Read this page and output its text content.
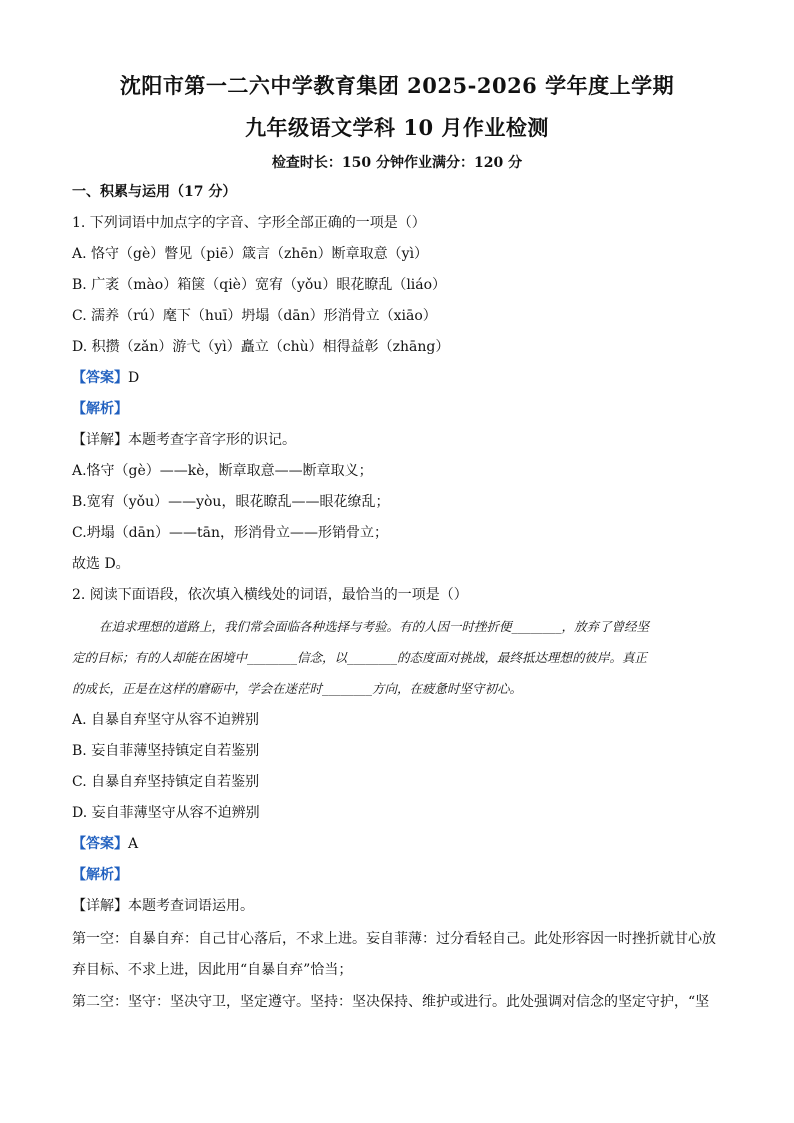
沈阳市第一二六中学教育集团 2025-2026 学年度上学期
九年级语文学科 10 月作业检测
检查时长：150 分钟作业满分：120 分
一、积累与运用（17 分）
1. 下列词语中加点字的字音、字形全部正确的一项是（）
A. 恪守（gè）瞥见（piē）箴言（zhēn）断章取意（yì）
B. 广袤（mào）箱箧（qiè）宽宥（yǒu）眼花瞭乱（liáo）
C. 濡养（rú）麾下（huī）坍塌（dān）形消骨立（xiāo）
D. 积攒（zǎn）游弋（yì）矗立（chù）相得益彰（zhāng）
【答案】D
【解析】
【详解】本题考查字音字形的识记。
A.恪守（gè）——kè，断章取意——断章取义；
B.宽宥（yǒu）——yòu，眼花瞭乱——眼花缭乱；
C.坍塌（dān）——tān，形消骨立——形销骨立；
故选 D。
2. 阅读下面语段，依次填入横线处的词语，最恰当的一项是（）
在追求理想的道路上，我们常会面临各种选择与考验。有的人因一时挫折便________，放弃了曾经坚
定的目标；有的人却能在困境中________信念，以________的态度面对挑战，最终抵达理想的彼岸。真正
的成长，正是在这样的磨砺中，学会在迷茫时________方向，在疲惫时坚守初心。
A. 自暴自弃坚守从容不迫辨别
B. 妄自菲薄坚持镇定自若鉴别
C. 自暴自弃坚持镇定自若鉴别
D. 妄自菲薄坚守从容不迫辨别
【答案】A
【解析】
【详解】本题考查词语运用。
第一空：自暴自弃：自己甘心落后，不求上进。妄自菲薄：过分看轻自己。此处形容因一时挫折就甘心放
弃目标、不求上进，因此用“自暴自弃”恰当；
第二空：坚守：坚决守卫，坚定遵守。坚持：坚决保持、维护或进行。此处强调对信念的坚定守护，“坚
